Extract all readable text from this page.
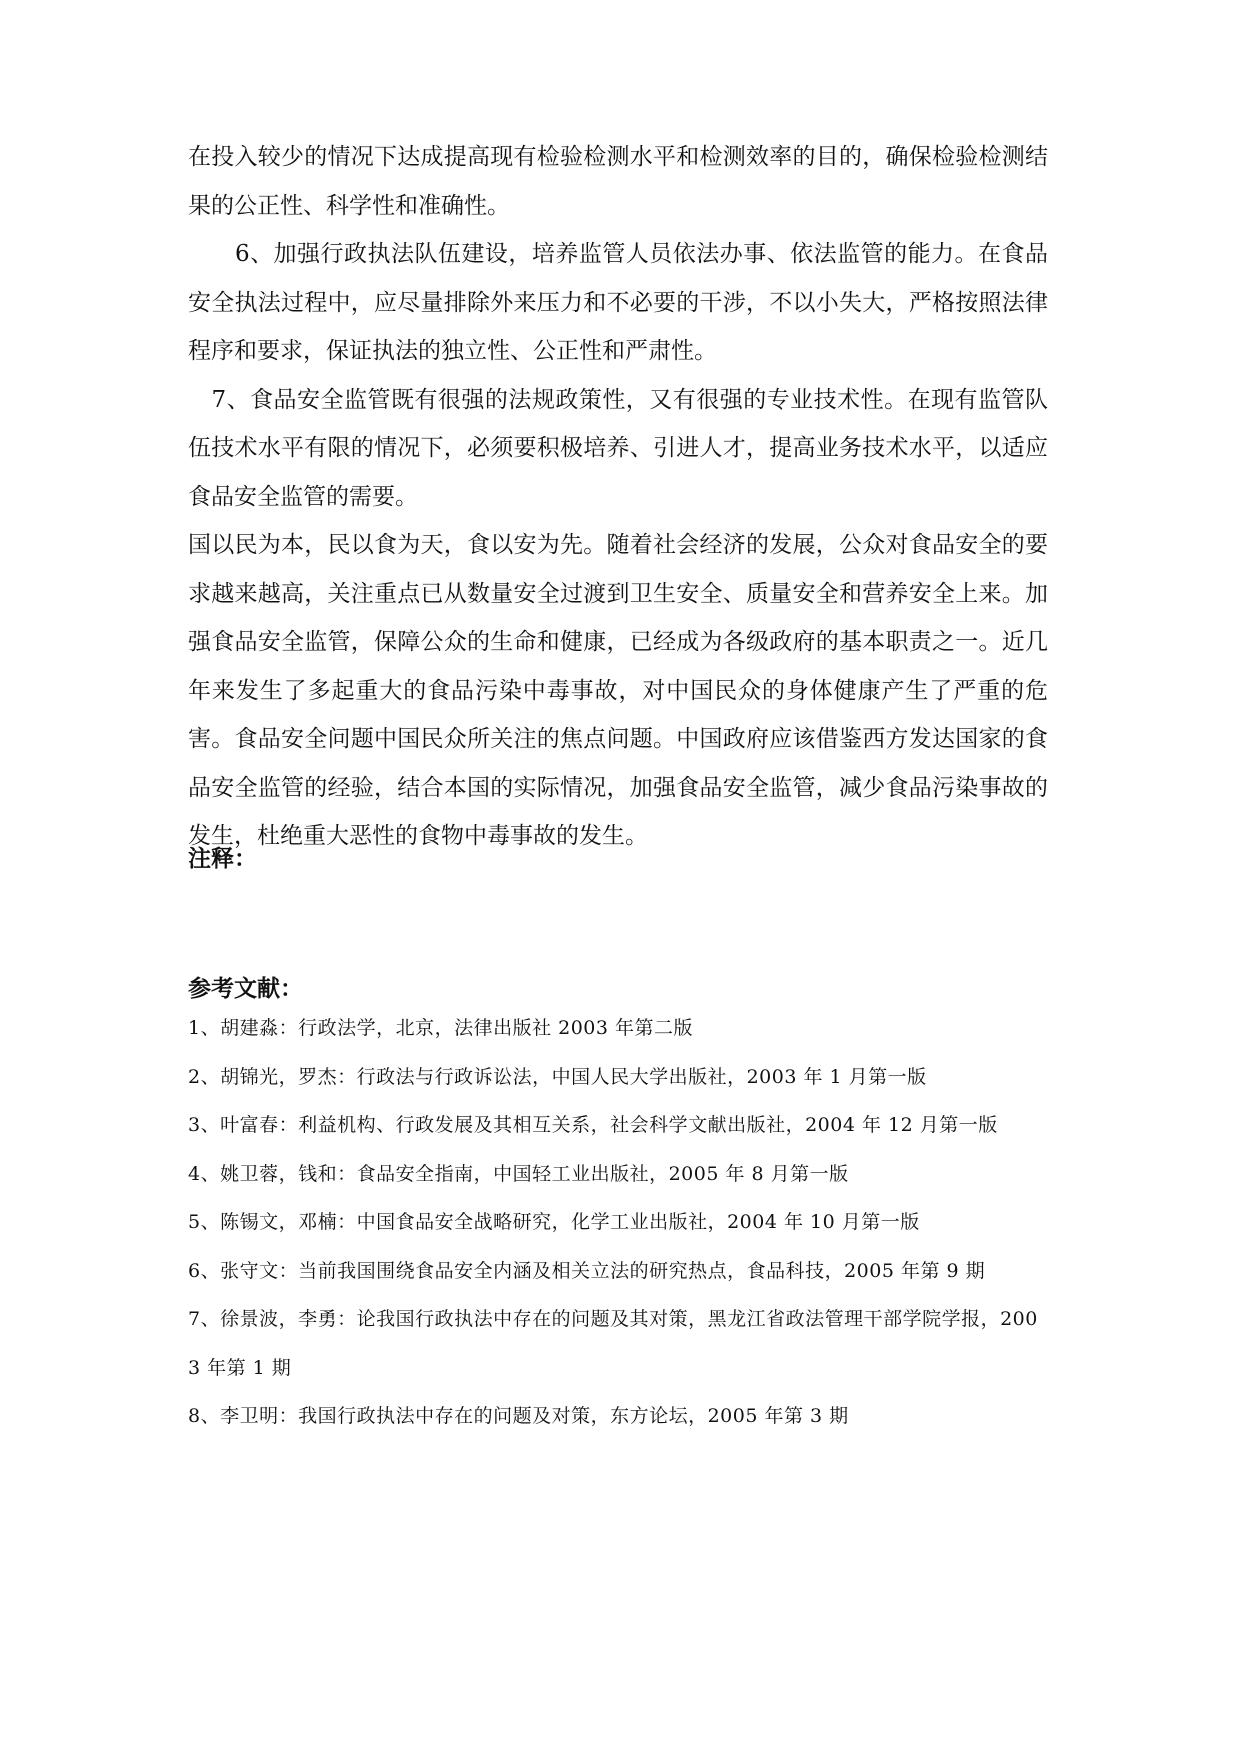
在投入较少的情况下达成提高现有检验检测水平和检测效率的目的，确保检验检测结果的公正性、科学性和准确性。

　　6、加强行政执法队伍建设，培养监管人员依法办事、依法监管的能力。在食品安全执法过程中，应尽量排除外来压力和不必要的干涉，不以小失大，严格按照法律程序和要求，保证执法的独立性、公正性和严肃性。

　7、食品安全监管既有很强的法规政策性，又有很强的专业技术性。在现有监管队伍技术水平有限的情况下，必须要积极培养、引进人才，提高业务技术水平，以适应食品安全监管的需要。

国以民为本，民以食为天，食以安为先。随着社会经济的发展，公众对食品安全的要求越来越高，关注重点已从数量安全过渡到卫生安全、质量安全和营养安全上来。加强食品安全监管，保障公众的生命和健康，已经成为各级政府的基本职责之一。近几年来发生了多起重大的食品污染中毒事故，对中国民众的身体健康产生了严重的危害。食品安全问题中国民众所关注的焦点问题。中国政府应该借鉴西方发达国家的食品安全监管的经验，结合本国的实际情况，加强食品安全监管，减少食品污染事故的发生，杜绝重大恶性的食物中毒事故的发生。

注释：
参考文献：

1、胡建淼：行政法学，北京，法律出版社 2003 年第二版

2、胡锦光，罗杰：行政法与行政诉讼法，中国人民大学出版社，2003 年 1 月第一版

3、叶富春：利益机构、行政发展及其相互关系，社会科学文献出版社，2004 年 12 月第一版

4、姚卫蓉，钱和：食品安全指南，中国轻工业出版社，2005 年 8 月第一版

5、陈锡文，邓楠：中国食品安全战略研究，化学工业出版社，2004 年 10 月第一版

6、张守文：当前我国围绕食品安全内涵及相关立法的研究热点，食品科技，2005 年第 9 期

7、徐景波，李勇：论我国行政执法中存在的问题及其对策，黑龙江省政法管理干部学院学报，2003 年第 1 期

8、李卫明：我国行政执法中存在的问题及对策，东方论坛，2005 年第 3 期
